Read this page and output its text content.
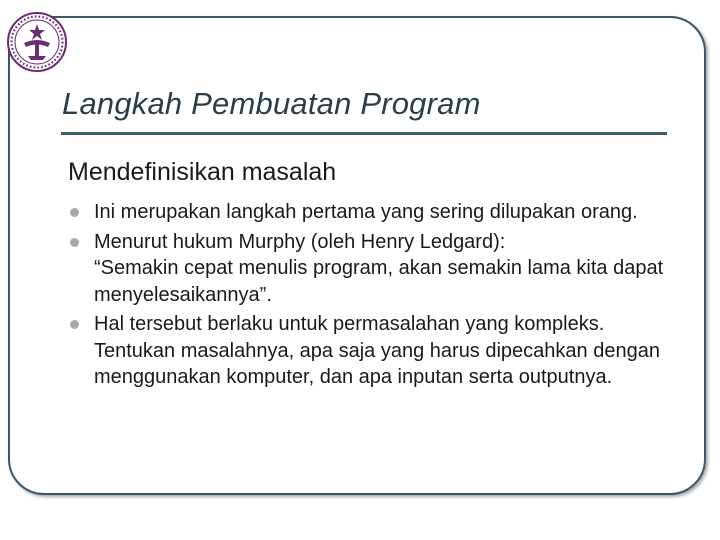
Langkah Pembuatan Program
Mendefinisikan masalah
Ini merupakan langkah pertama yang sering dilupakan orang.
Menurut hukum Murphy (oleh Henry Ledgard):
“Semakin cepat menulis program, akan semakin lama kita dapat menyelesaikannya”.
Hal tersebut berlaku untuk permasalahan yang kompleks. Tentukan masalahnya, apa saja yang harus dipecahkan dengan menggunakan komputer, dan apa inputan serta outputnya.
